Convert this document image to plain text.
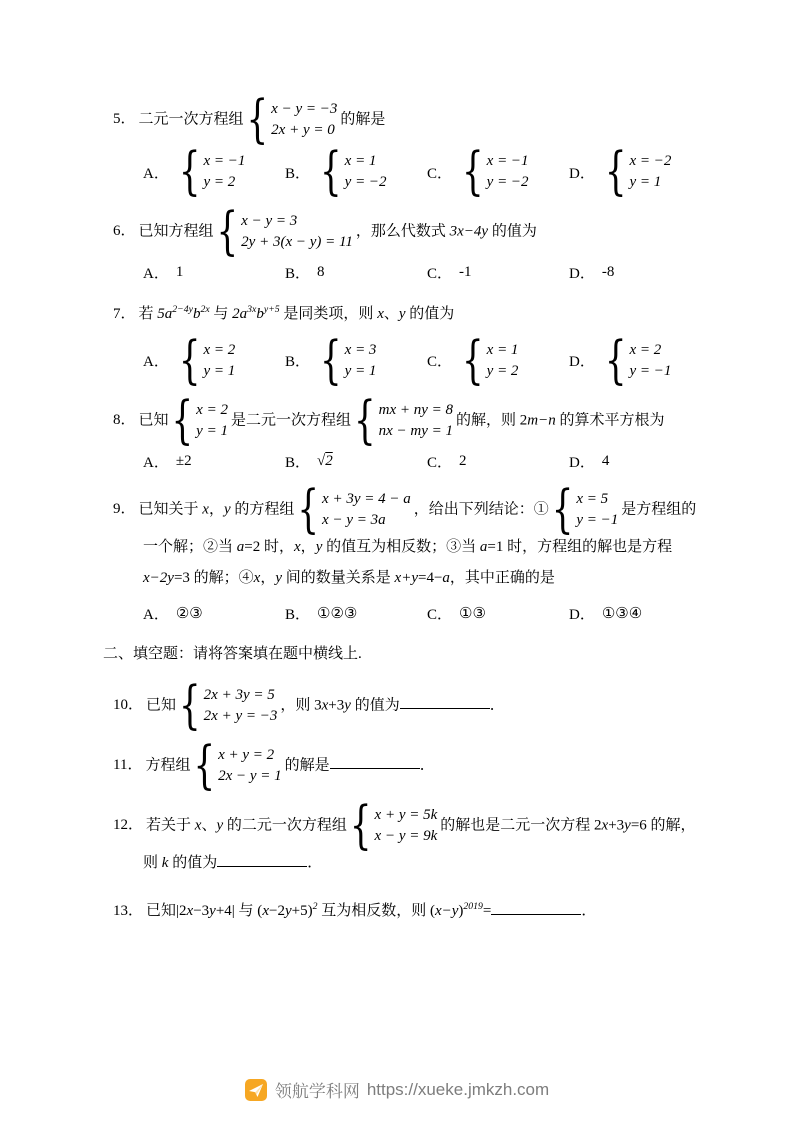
5． 二元一次方程组 { x − y = −3
2x + y = 0
的解是
A． { x = −1
y = 2
B． { x = 1
y = −2
C． { x = −1
y = −2
D． { x = −2
y = 1
6． 已知方程组 { x − y = 3
2y + 3(x − y) = 11
，那么代数式 3x−4y 的值为
A． 1	B． 8	C． -1	D． -8
7． 若 $5a^{2-4y}b^{2x}$ 与 $2a^{3x}b^{y+5}$ 是同类项，则 x、y 的值为
A． { x = 2
y = 1
B． { x = 3
y = 1
C． { x = 1
y = 2
D． { x = 2
y = −1
8． 已知 { x = 2
y = 1
是二元一次方程组 { mx + ny = 8
nx − my = 1
的解，则 2m−n 的算术平方根为
A． ±2	B． √ 2	C． 2	D． 4
9． 已知关于 x，y 的方程组 { x + 3y = 4 − a
x − y = 3a
，给出下列结论：① { x = 5
y = −1
是方程组的一个解；②当 a=2 时，x，y 的值互为相反数；③当 a=1 时，方程组的解也是方程 x−2y=3 的解；④x，y 间的数量关系是 x+y=4−a，其中正确的是
A． ②③	B． ①②③	C． ①③	D． ①③④
二、填空题：请将答案填在题中横线上.
10． 已知 { 2x + 3y = 5
2x + y = −3
，则 3x+3y 的值为	．
11． 方程组 { x + y = 2
2x − y = 1
的解是	．
12． 若关于 x、y 的二元一次方程组 { x + y = 5k
x − y = 9k
的解也是二元一次方程 2x+3y=6 的解，则 k 的值为	．
13． 已知|2x−3y+4| 与 $(x-2y+5)^2$ 互为相反数，则 $(x-y)^{2019}=$	．
领航学科网 https://xueke.jmkzh.com
